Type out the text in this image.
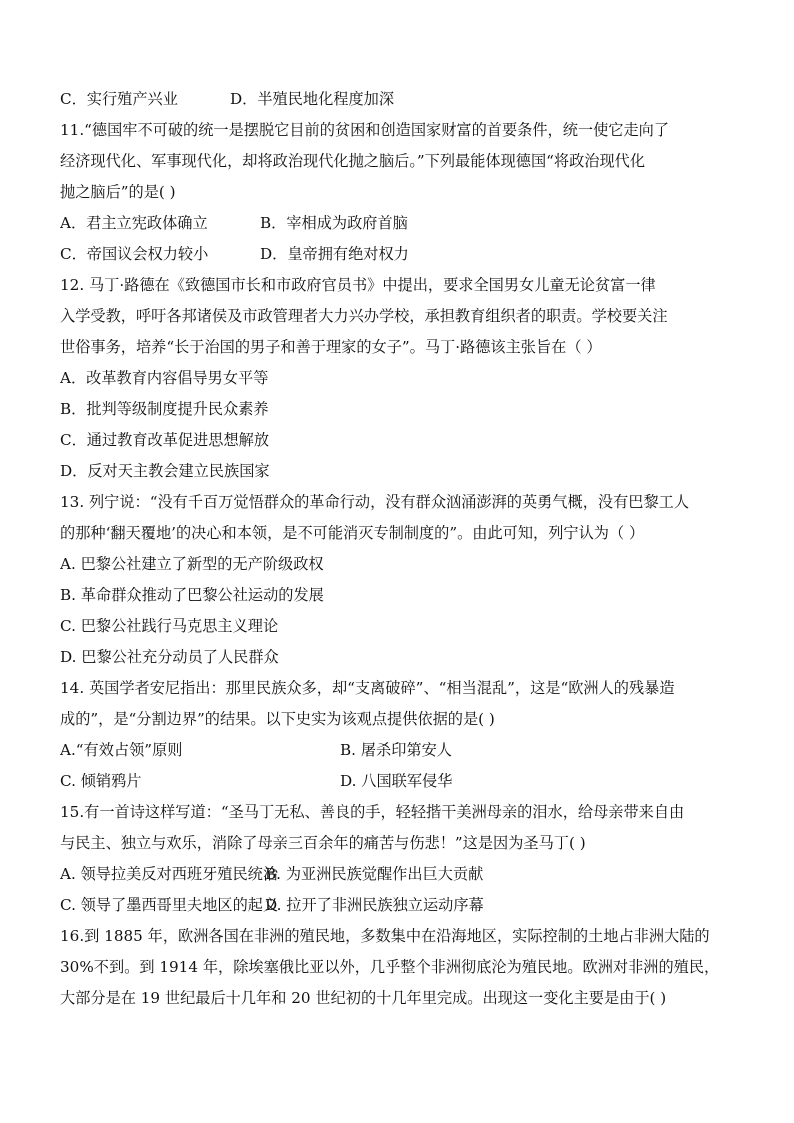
C．实行殖产兴业	D．半殖民地化程度加深
11.“德国牢不可破的统一是摆脱它目前的贫困和创造国家财富的首要条件，统一使它走向了
经济现代化、军事现代化，却将政治现代化抛之脑后。”下列最能体现德国“将政治现代化
抛之脑后”的是( )
A．君主立宪政体确立	B．宰相成为政府首脑
C．帝国议会权力较小	D．皇帝拥有绝对权力
12. 马丁·路德在《致德国市长和市政府官员书》中提出，要求全国男女儿童无论贫富一律
入学受教，呼吁各邦诸侯及市政管理者大力兴办学校，承担教育组织者的职责。学校要关注
世俗事务，培养“长于治国的男子和善于理家的女子”。马丁·路德该主张旨在（ ）
A．改革教育内容倡导男女平等
B．批判等级制度提升民众素养
C．通过教育改革促进思想解放
D．反对天主教会建立民族国家
13. 列宁说：“没有千百万觉悟群众的革命行动，没有群众汹涌澎湃的英勇气概，没有巴黎工人
的那种‘翻天覆地’的决心和本领，是不可能消灭专制制度的”。由此可知，列宁认为（ ）
A. 巴黎公社建立了新型的无产阶级政权
B. 革命群众推动了巴黎公社运动的发展
C. 巴黎公社践行马克思主义理论
D. 巴黎公社充分动员了人民群众
14. 英国学者安尼指出：那里民族众多，却“支离破碎”、“相当混乱”，这是“欧洲人的残暴造
成的”，是“分割边界”的结果。以下史实为该观点提供依据的是( )
A.“有效占领”原则	B. 屠杀印第安人
C. 倾销鸦片	D. 八国联军侵华
15.有一首诗这样写道：“圣马丁无私、善良的手，轻轻揩干美洲母亲的泪水，给母亲带来自由
与民主、独立与欢乐，消除了母亲三百余年的痛苦与伤悲！”这是因为圣马丁( )
A. 领导拉美反对西班牙殖民统治B. 为亚洲民族觉醒作出巨大贡献
C. 领导了墨西哥里夫地区的起义D. 拉开了非洲民族独立运动序幕
16.到 1885 年，欧洲各国在非洲的殖民地，多数集中在沿海地区，实际控制的土地占非洲大陆的
30%不到。到 1914 年，除埃塞俄比亚以外，几乎整个非洲彻底沦为殖民地。欧洲对非洲的殖民，
大部分是在 19 世纪最后十几年和 20 世纪初的十几年里完成。出现这一变化主要是由于( )
